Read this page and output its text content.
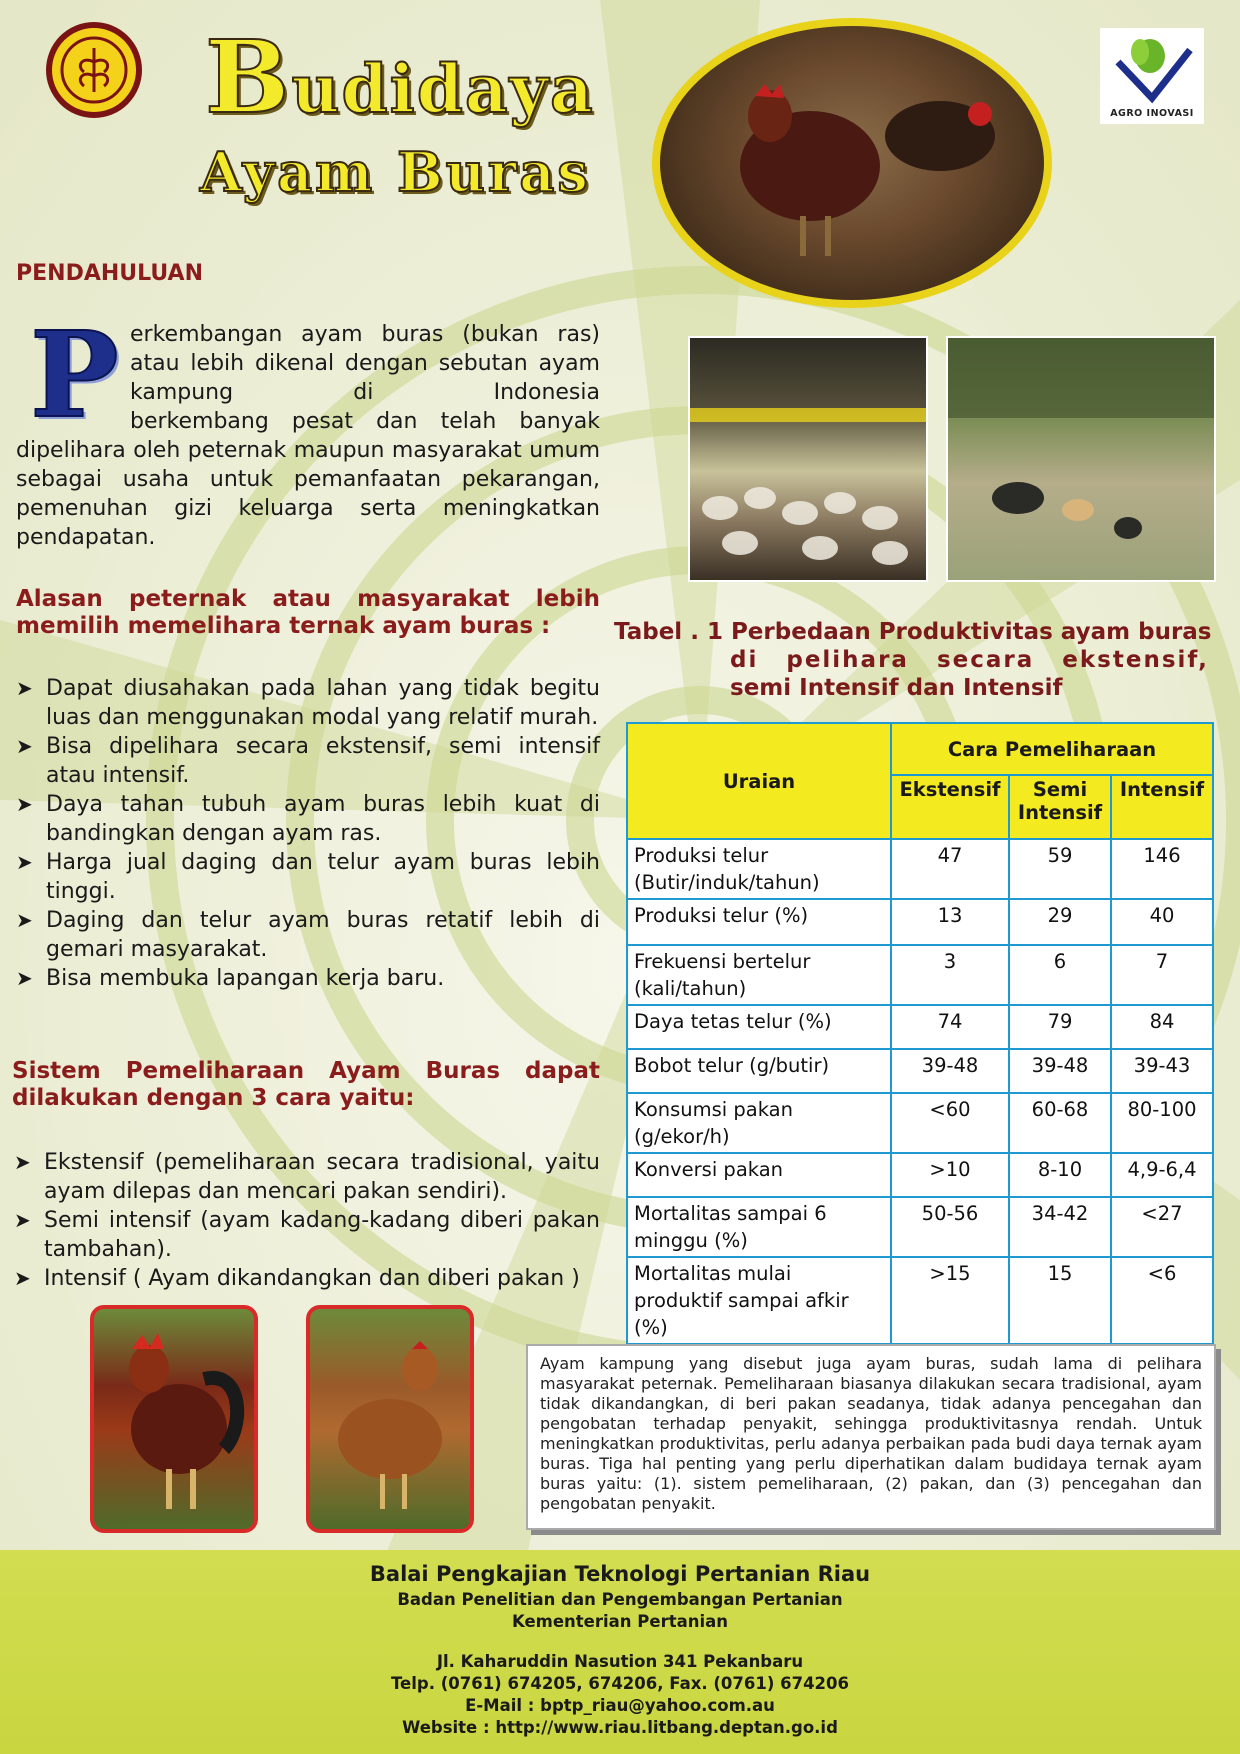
Budidaya
Ayam Buras
AGRO INOVASI
PENDAHULUAN
P erkembangan ayam buras (bukan ras)
atau lebih dikenal dengan sebutan ayam
kampung di Indonesia
berkembang pesat dan telah banyak
dipelihara oleh peternak maupun masyarakat umum sebagai usaha untuk pemanfaatan pekarangan, pemenuhan gizi keluarga serta meningkatkan pendapatan.
Alasan peternak atau masyarakat lebih memilih memelihara ternak ayam buras :
➤ Dapat diusahakan pada lahan yang tidak begitu luas dan menggunakan modal yang relatif murah.
➤ Bisa dipelihara secara ekstensif, semi intensif atau intensif.
➤ Daya tahan tubuh ayam buras lebih kuat di bandingkan dengan ayam ras.
➤ Harga jual daging dan telur ayam buras lebih tinggi.
➤ Daging dan telur ayam buras retatif lebih di gemari masyarakat.
➤ Bisa membuka lapangan kerja baru.
Sistem Pemeliharaan Ayam Buras dapat dilakukan dengan 3 cara yaitu:
➤ Ekstensif (pemeliharaan secara tradisional, yaitu ayam dilepas dan mencari pakan sendiri).
➤ Semi intensif (ayam kadang-kadang diberi pakan tambahan).
➤ Intensif ( Ayam dikandangkan dan diberi pakan )
Tabel . 1 Perbedaan Produktivitas ayam buras
di pelihara secara ekstensif,
semi Intensif dan Intensif
Uraian	Cara Pemeliharaan		
	Ekstensif	Semi Intensif	Intensif
Produksi telur (Butir/induk/tahun)	47	59	146
Produksi telur (%)	13	29	40
Frekuensi bertelur (kali/tahun)	3	6	7
Daya tetas telur (%)	74	79	84
Bobot telur (g/butir)	39-48	39-48	39-43
Konsumsi pakan (g/ekor/h)	<60	60-68	80-100
Konversi pakan	>10	8-10	4,9-6,4
Mortalitas sampai 6 minggu (%)	50-56	34-42	<27
Mortalitas mulai produktif sampai afkir (%)	>15	15	<6
Ayam kampung yang disebut juga ayam buras, sudah lama di pelihara masyarakat peternak. Pemeliharaan biasanya dilakukan secara tradisional, ayam tidak dikandangkan, di beri pakan seadanya, tidak adanya pencegahan dan pengobatan terhadap penyakit, sehingga produktivitasnya rendah. Untuk meningkatkan produktivitas, perlu adanya perbaikan pada budi daya ternak ayam buras. Tiga hal penting yang perlu diperhatikan dalam budidaya ternak ayam buras yaitu: (1). sistem pemeliharaan, (2) pakan, dan (3) pencegahan dan pengobatan penyakit.
Balai Pengkajian Teknologi Pertanian Riau
Badan Penelitian dan Pengembangan Pertanian
Kementerian Pertanian
Jl. Kaharuddin Nasution 341 Pekanbaru
Telp. (0761) 674205, 674206, Fax. (0761) 674206
E-Mail : bptp_riau@yahoo.com.au
Website : http://www.riau.litbang.deptan.go.id
